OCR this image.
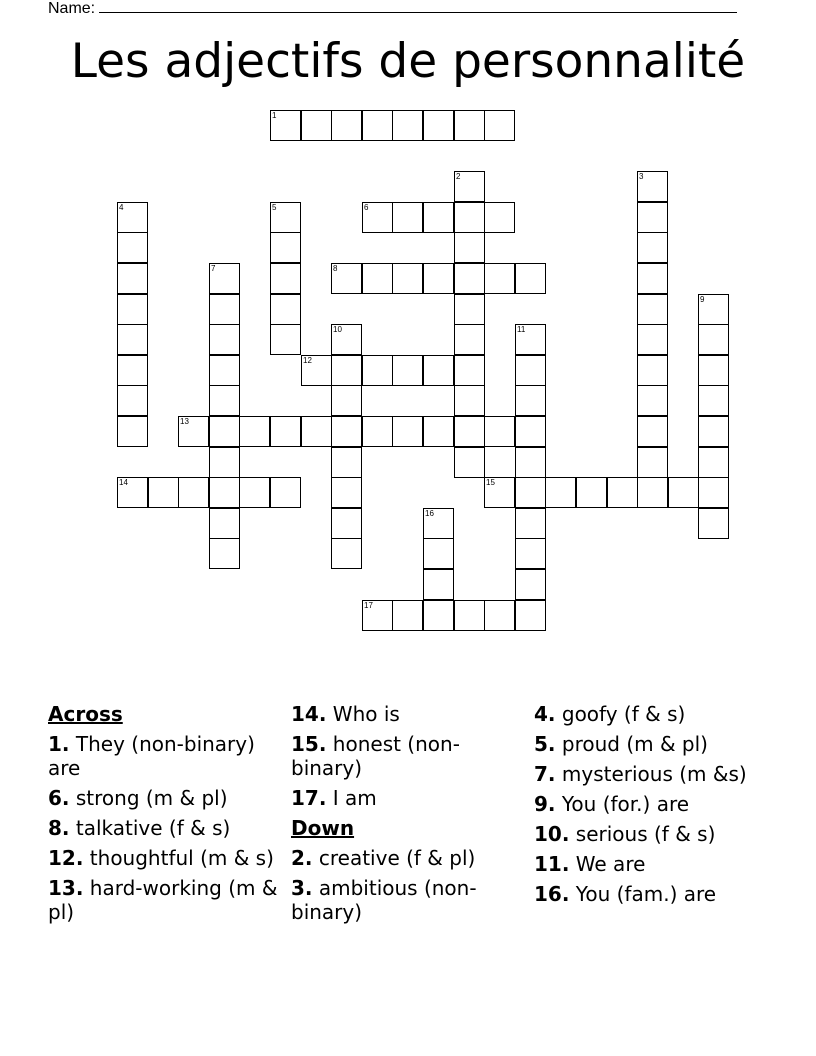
Name:
Les adjectifs de personnalité
1
2	3
4	5	6
7	8
9
10	11
12
13
14	15
16
17
Across
1. They (non-binary) are
6. strong (m & pl)
8. talkative (f & s)
12. thoughtful (m & s)
13. hard-working (m & pl)
14. Who is
15. honest (non-binary)
17. I am
Down
2. creative (f & pl)
3. ambitious (non-binary)
4. goofy (f & s)
5. proud (m & pl)
7. mysterious (m &s)
9. You (for.) are
10. serious (f & s)
11. We are
16. You (fam.) are
